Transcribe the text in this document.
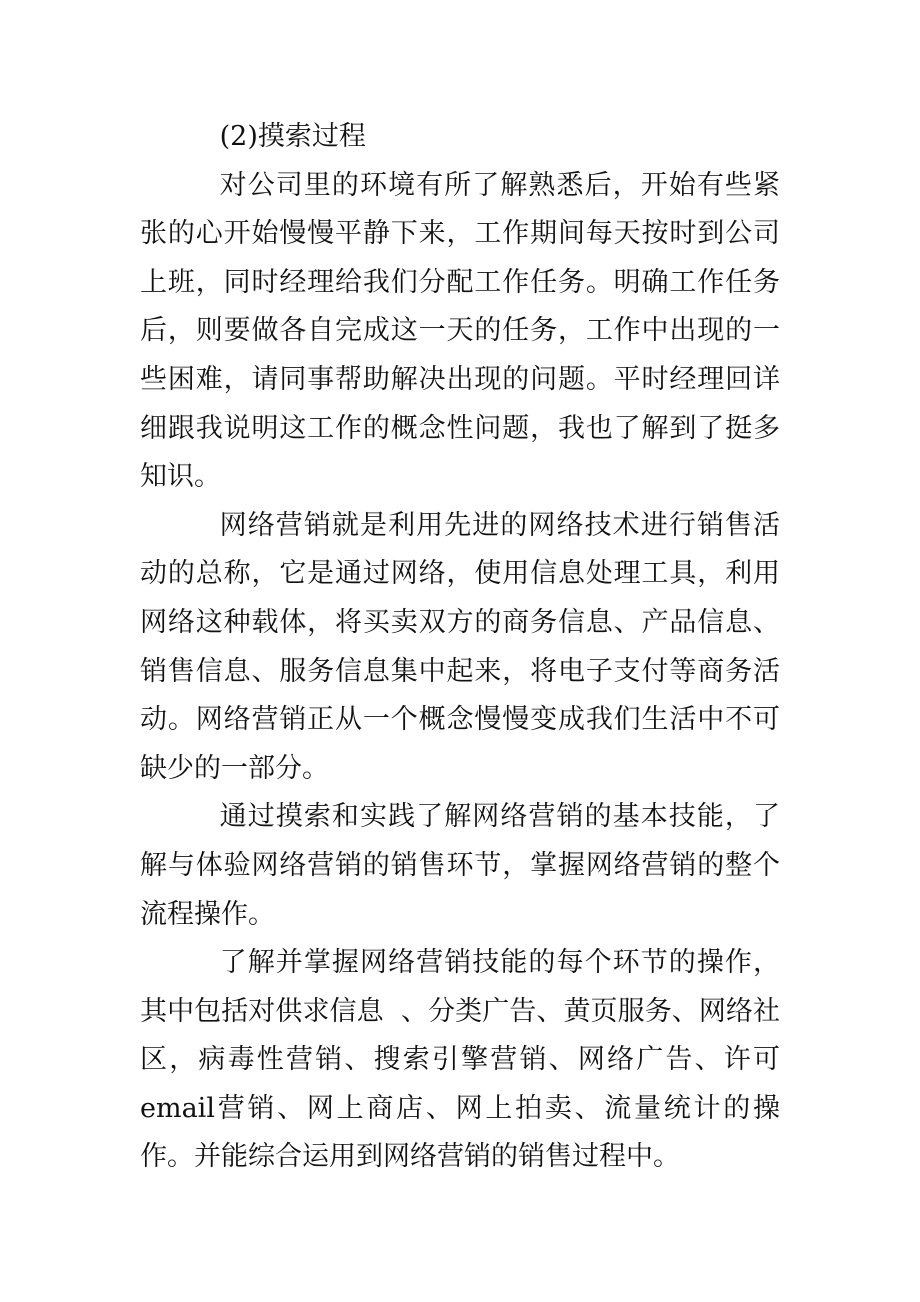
(2)摸索过程

对公司里的环境有所了解熟悉后，开始有些紧张的心开始慢慢平静下来，工作期间每天按时到公司上班，同时经理给我们分配工作任务。明确工作任务后，则要做各自完成这一天的任务，工作中出现的一些困难，请同事帮助解决出现的问题。平时经理回详细跟我说明这工作的概念性问题，我也了解到了挺多知识。

网络营销就是利用先进的网络技术进行销售活动的总称，它是通过网络，使用信息处理工具，利用网络这种载体，将买卖双方的商务信息、产品信息、销售信息、服务信息集中起来，将电子支付等商务活动。网络营销正从一个概念慢慢变成我们生活中不可缺少的一部分。

通过摸索和实践了解网络营销的基本技能，了解与体验网络营销的销售环节，掌握网络营销的整个流程操作。

了解并掌握网络营销技能的每个环节的操作，其中包括对供求信息  、分类广告、黄页服务、网络社区，病毒性营销、搜索引擎营销、网络广告、许可email营销、网上商店、网上拍卖、流量统计的操作。并能综合运用到网络营销的销售过程中。
